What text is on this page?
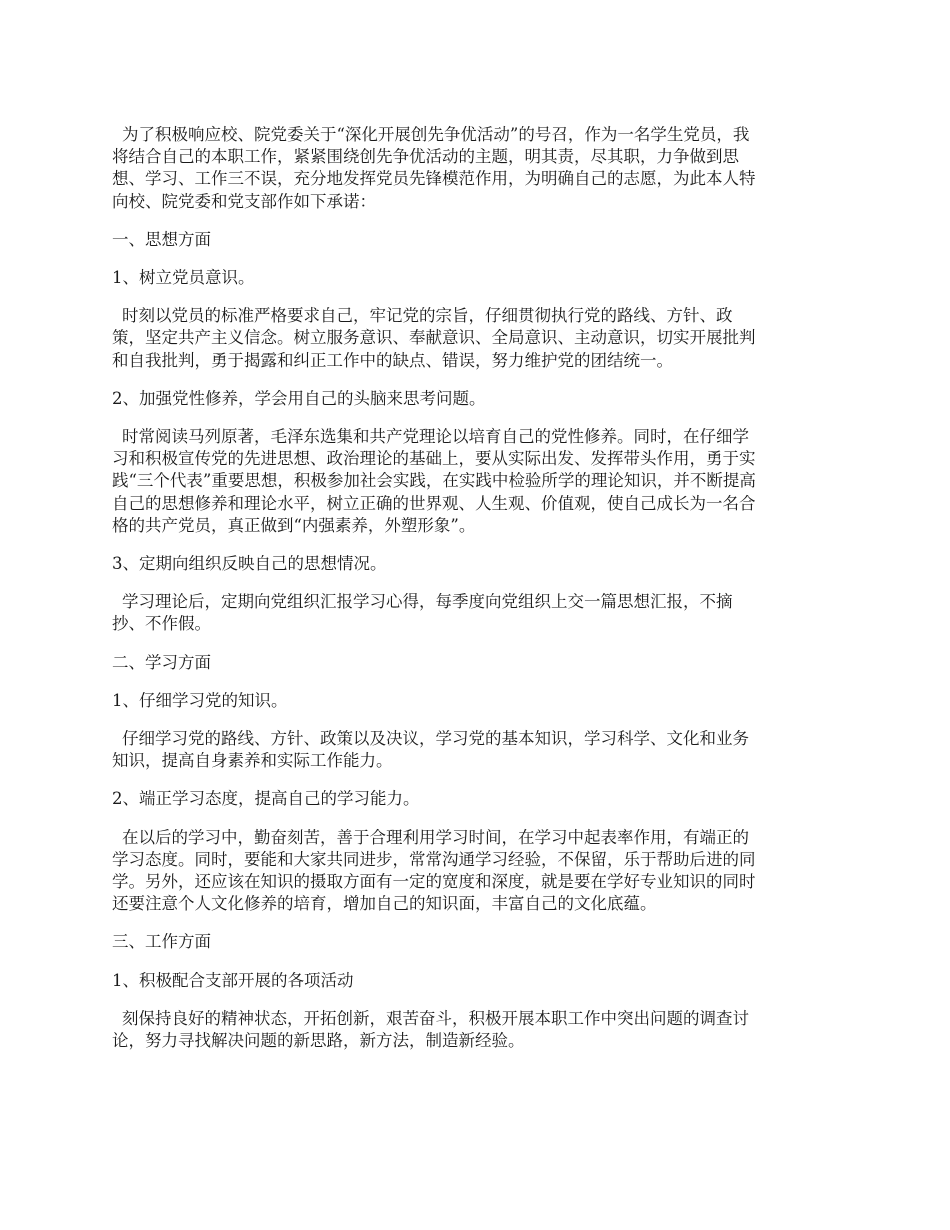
为了积极响应校、院党委关于“深化开展创先争优活动”的号召，作为一名学生党员，我

将结合自己的本职工作，紧紧围绕创先争优活动的主题，明其责，尽其职，力争做到思

想、学习、工作三不误，充分地发挥党员先锋模范作用，为明确自己的志愿，为此本人特

向校、院党委和党支部作如下承诺：

一、思想方面

1、树立党员意识。

时刻以党员的标准严格要求自己，牢记党的宗旨，仔细贯彻执行党的路线、方针、政

策，坚定共产主义信念。树立服务意识、奉献意识、全局意识、主动意识，切实开展批判

和自我批判，勇于揭露和纠正工作中的缺点、错误，努力维护党的团结统一。

2、加强党性修养，学会用自己的头脑来思考问题。

时常阅读马列原著，毛泽东选集和共产党理论以培育自己的党性修养。同时，在仔细学

习和积极宣传党的先进思想、政治理论的基础上，要从实际出发、发挥带头作用，勇于实

践“三个代表”重要思想，积极参加社会实践，在实践中检验所学的理论知识，并不断提高

自己的思想修养和理论水平，树立正确的世界观、人生观、价值观，使自己成长为一名合

格的共产党员，真正做到“内强素养，外塑形象”。

3、定期向组织反映自己的思想情况。

学习理论后，定期向党组织汇报学习心得，每季度向党组织上交一篇思想汇报，不摘

抄、不作假。

二、学习方面

1、仔细学习党的知识。

仔细学习党的路线、方针、政策以及决议，学习党的基本知识，学习科学、文化和业务

知识，提高自身素养和实际工作能力。

2、端正学习态度，提高自己的学习能力。

在以后的学习中，勤奋刻苦，善于合理利用学习时间，在学习中起表率作用，有端正的

学习态度。同时，要能和大家共同进步，常常沟通学习经验，不保留，乐于帮助后进的同

学。另外，还应该在知识的摄取方面有一定的宽度和深度，就是要在学好专业知识的同时

还要注意个人文化修养的培育，增加自己的知识面，丰富自己的文化底蕴。

三、工作方面

1、积极配合支部开展的各项活动

刻保持良好的精神状态，开拓创新，艰苦奋斗，积极开展本职工作中突出问题的调查讨

论，努力寻找解决问题的新思路，新方法，制造新经验。
